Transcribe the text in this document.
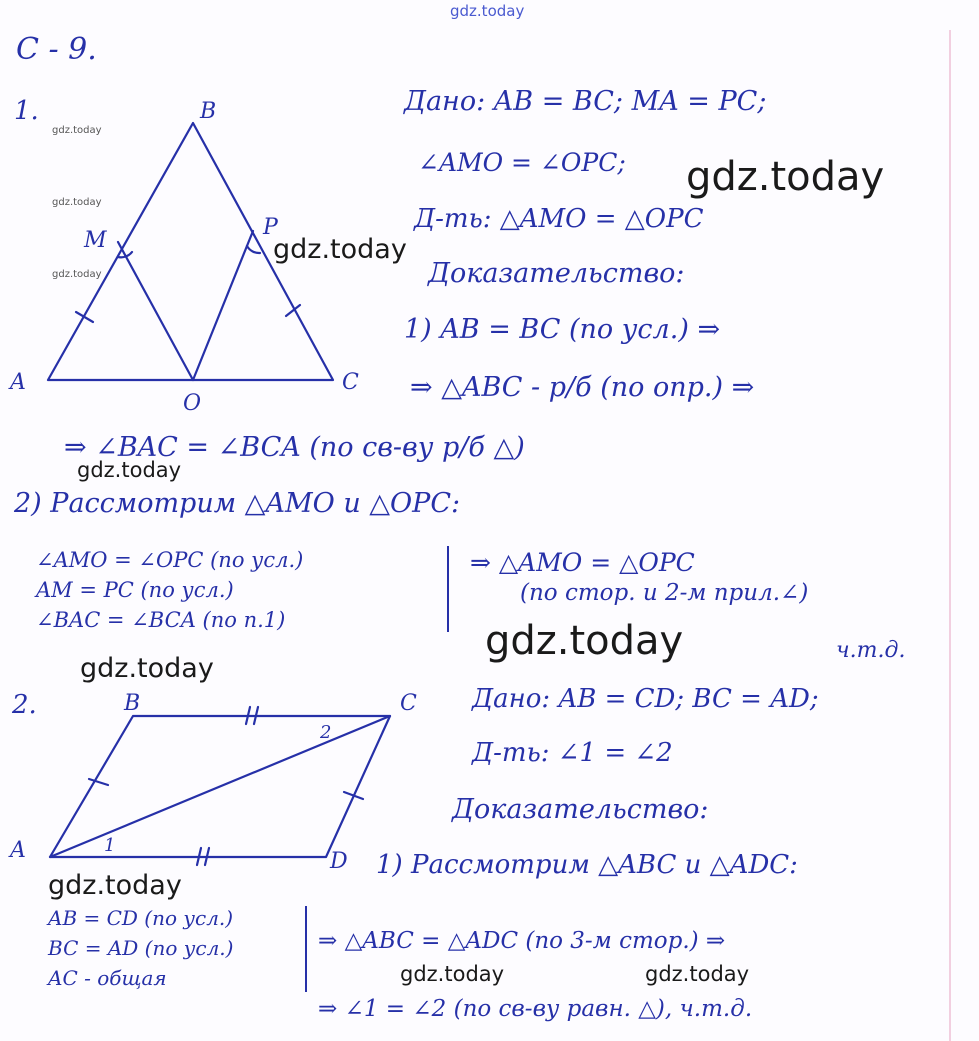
gdz.today
gdz.today
gdz.today
gdz.today
gdz.today
gdz.today
gdz.today
gdz.today
gdz.today
gdz.today
gdz.today	gdz.today
C - 9.
B
M
P
A	C
O
B	C
A	D
1
2
1.	Дано: AB = BC; MA = PC;
∠AMO = ∠OPC;
Д-ть: △AMO = △OPC
Доказательство:
1) AB = BC (по усл.) ⇒
⇒ △ABC - р/б (по опр.) ⇒
⇒ ∠BAC = ∠BCA (по св-ву р/б △)
2) Рассмотрим △AMO и △OPC:
∠AMO = ∠OPC (по усл.)
AM = PC (по усл.)
∠BAC = ∠BCA (по п.1)
⇒ △AMO = △OPC
(по стор. и 2-м прил.∠)
ч.т.д.
2.	Дано: AB = CD; BC = AD;
Д-ть: ∠1 = ∠2
Доказательство:
1) Рассмотрим △ABC и △ADC:
AB = CD (по усл.)
BC = AD (по усл.)
AC - общая
⇒ △ABC = △ADC (по 3-м стор.) ⇒
⇒ ∠1 = ∠2 (по св-ву равн. △), ч.т.д.
